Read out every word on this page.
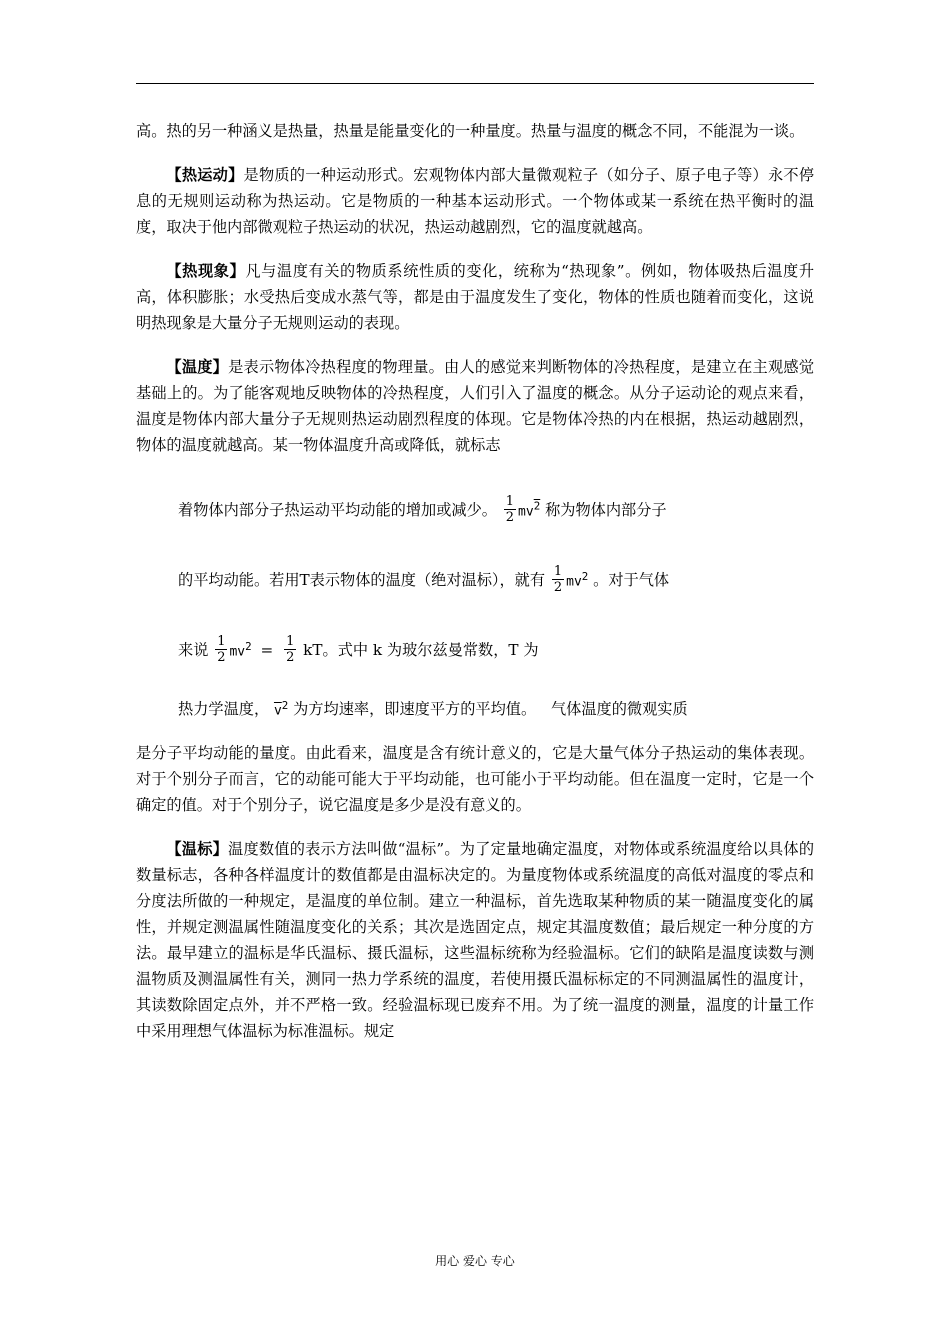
高。热的另一种涵义是热量，热量是能量变化的一种量度。热量与温度的概念不同，不能混为一谈。

【热运动】是物质的一种运动形式。宏观物体内部大量微观粒子（如分子、原子电子等）永不停息的无规则运动称为热运动。它是物质的一种基本运动形式。一个物体或某一系统在热平衡时的温度，取决于他内部微观粒子热运动的状况，热运动越剧烈，它的温度就越高。

【热现象】凡与温度有关的物质系统性质的变化，统称为“热现象”。例如，物体吸热后温度升高，体积膨胀；水受热后变成水蒸气等，都是由于温度发生了变化，物体的性质也随着而变化，这说明热现象是大量分子无规则运动的表现。

【温度】是表示物体冷热程度的物理量。由人的感觉来判断物体的冷热程度，是建立在主观感觉基础上的。为了能客观地反映物体的冷热程度，人们引入了温度的概念。从分子运动论的观点来看，温度是物体内部大量分子无规则热运动剧烈程度的体现。它是物体冷热的内在根据，热运动越剧烈，物体的温度就越高。某一物体温度升高或降低，就标志

着物体内部分子热运动平均动能的增加或减少。 $\frac{1}{2} mv^2$ 称为物体内部分子
的平均动能。若用T表示物体的温度（绝对温标），就有 $\frac{1}{2} mv^2$ 。对于气体
来说 $\frac{1}{2} mv^2 = \frac{1}{2}$ kT。式中 k 为玻尔兹曼常数，T 为
热力学温度， $\overline{v}^2$ 为方均速率，即速度平方的平均值。 气体温度的微观实质

是分子平均动能的量度。由此看来，温度是含有统计意义的，它是大量气体分子热运动的集体表现。对于个别分子而言，它的动能可能大于平均动能，也可能小于平均动能。但在温度一定时，它是一个确定的值。对于个别分子，说它温度是多少是没有意义的。

【温标】温度数值的表示方法叫做“温标”。为了定量地确定温度，对物体或系统温度给以具体的数量标志，各种各样温度计的数值都是由温标决定的。为量度物体或系统温度的高低对温度的零点和分度法所做的一种规定，是温度的单位制。建立一种温标，首先选取某种物质的某一随温度变化的属性，并规定测温属性随温度变化的关系；其次是选固定点，规定其温度数值；最后规定一种分度的方法。最早建立的温标是华氏温标、摄氏温标，这些温标统称为经验温标。它们的缺陷是温度读数与测温物质及测温属性有关，测同一热力学系统的温度，若使用摄氏温标标定的不同测温属性的温度计，其读数除固定点外，并不严格一致。经验温标现已废弃不用。为了统一温度的测量，温度的计量工作中采用理想气体温标为标准温标。规定

用心 爱心 专心
